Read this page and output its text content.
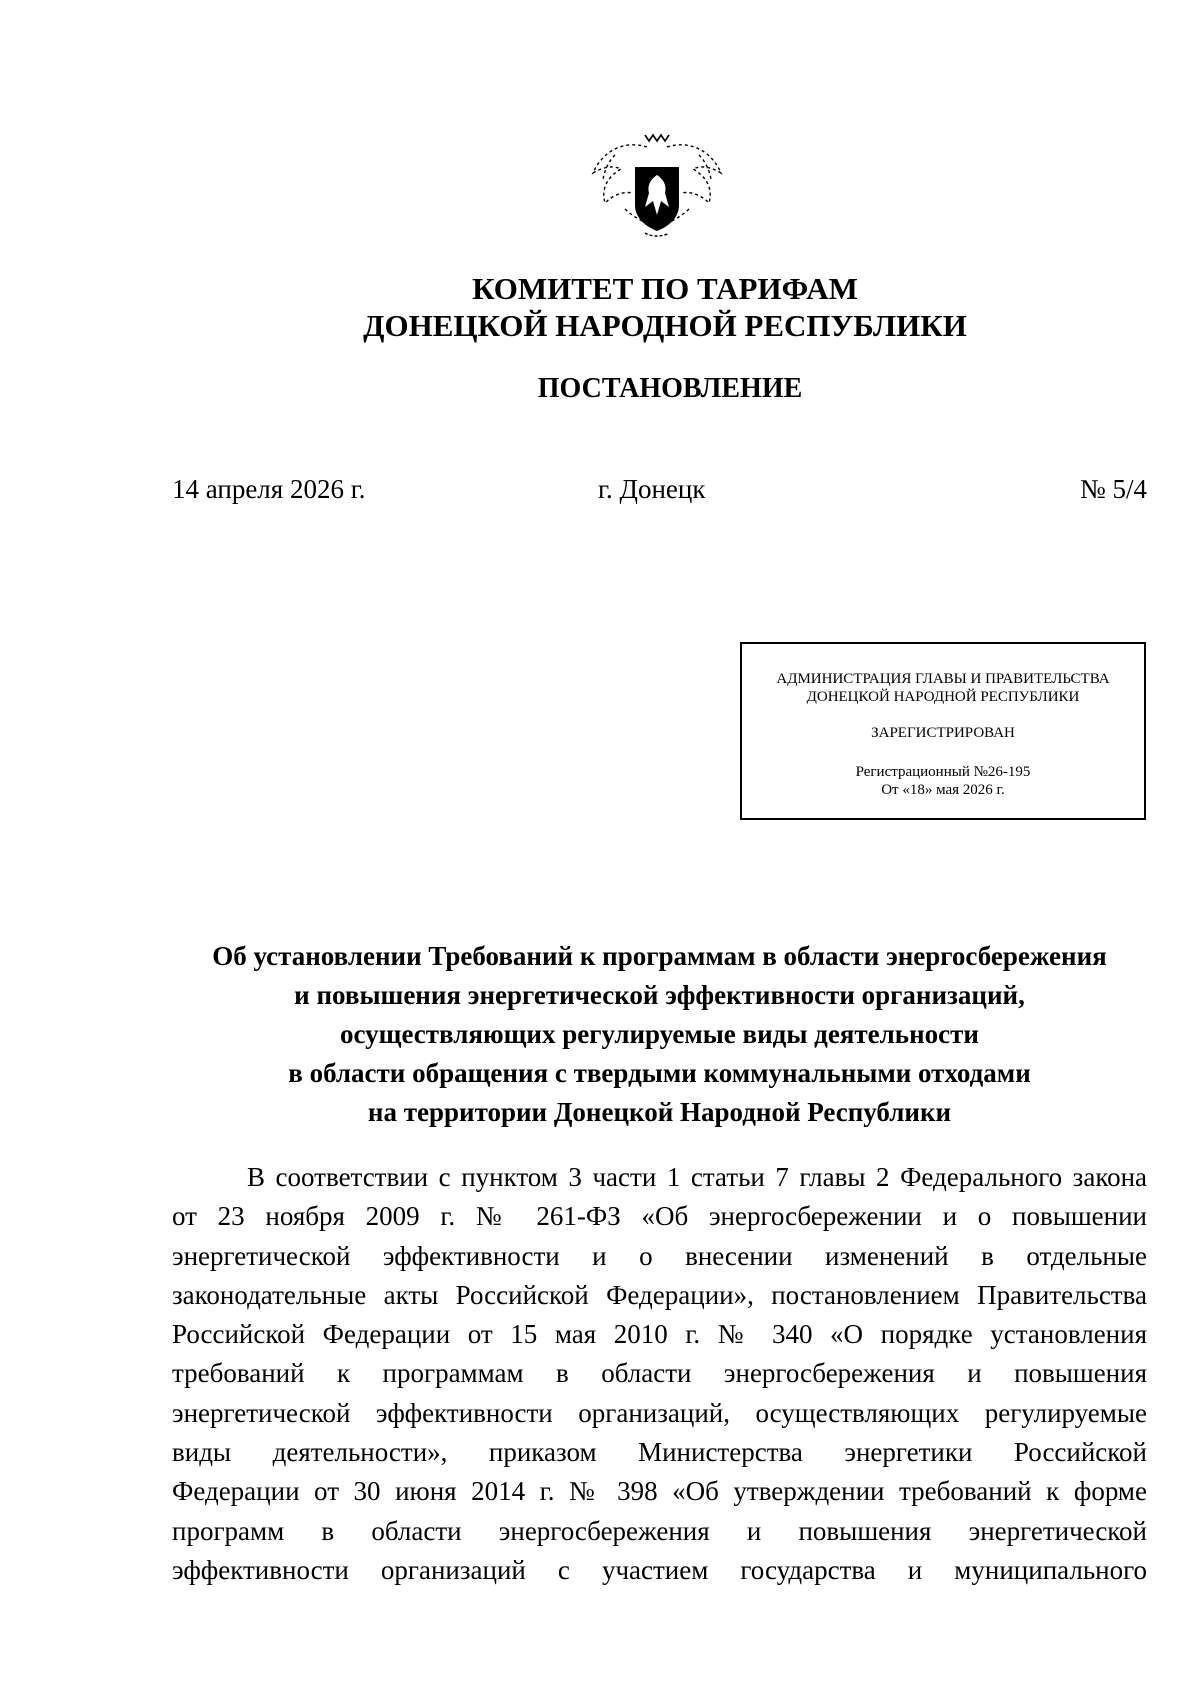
КОМИТЕТ ПО ТАРИФАМ
ДОНЕЦКОЙ НАРОДНОЙ РЕСПУБЛИКИ
ПОСТАНОВЛЕНИЕ
14 апреля 2026 г.	г. Донецк	№ 5/4
АДМИНИСТРАЦИЯ ГЛАВЫ И ПРАВИТЕЛЬСТВА
ДОНЕЦКОЙ НАРОДНОЙ РЕСПУБЛИКИ
ЗАРЕГИСТРИРОВАН
Регистрационный №26-195
От «18» мая 2026 г.
Об установлении Требований к программам в области энергосбережения
и повышения энергетической эффективности организаций,
осуществляющих регулируемые виды деятельности
в области обращения с твердыми коммунальными отходами
на территории Донецкой Народной Республики
В соответствии с пунктом 3 части 1 статьи 7 главы 2 Федерального закона
от 23 ноября 2009 г. № 261-ФЗ «Об энергосбережении и о повышении
энергетической эффективности и о внесении изменений в отдельные
законодательные акты Российской Федерации», постановлением Правительства
Российской Федерации от 15 мая 2010 г. № 340 «О порядке установления
требований к программам в области энергосбережения и повышения
энергетической эффективности организаций, осуществляющих регулируемые
виды деятельности», приказом Министерства энергетики Российской
Федерации от 30 июня 2014 г. № 398 «Об утверждении требований к форме
программ в области энергосбережения и повышения энергетической
эффективности организаций с участием государства и муниципального
